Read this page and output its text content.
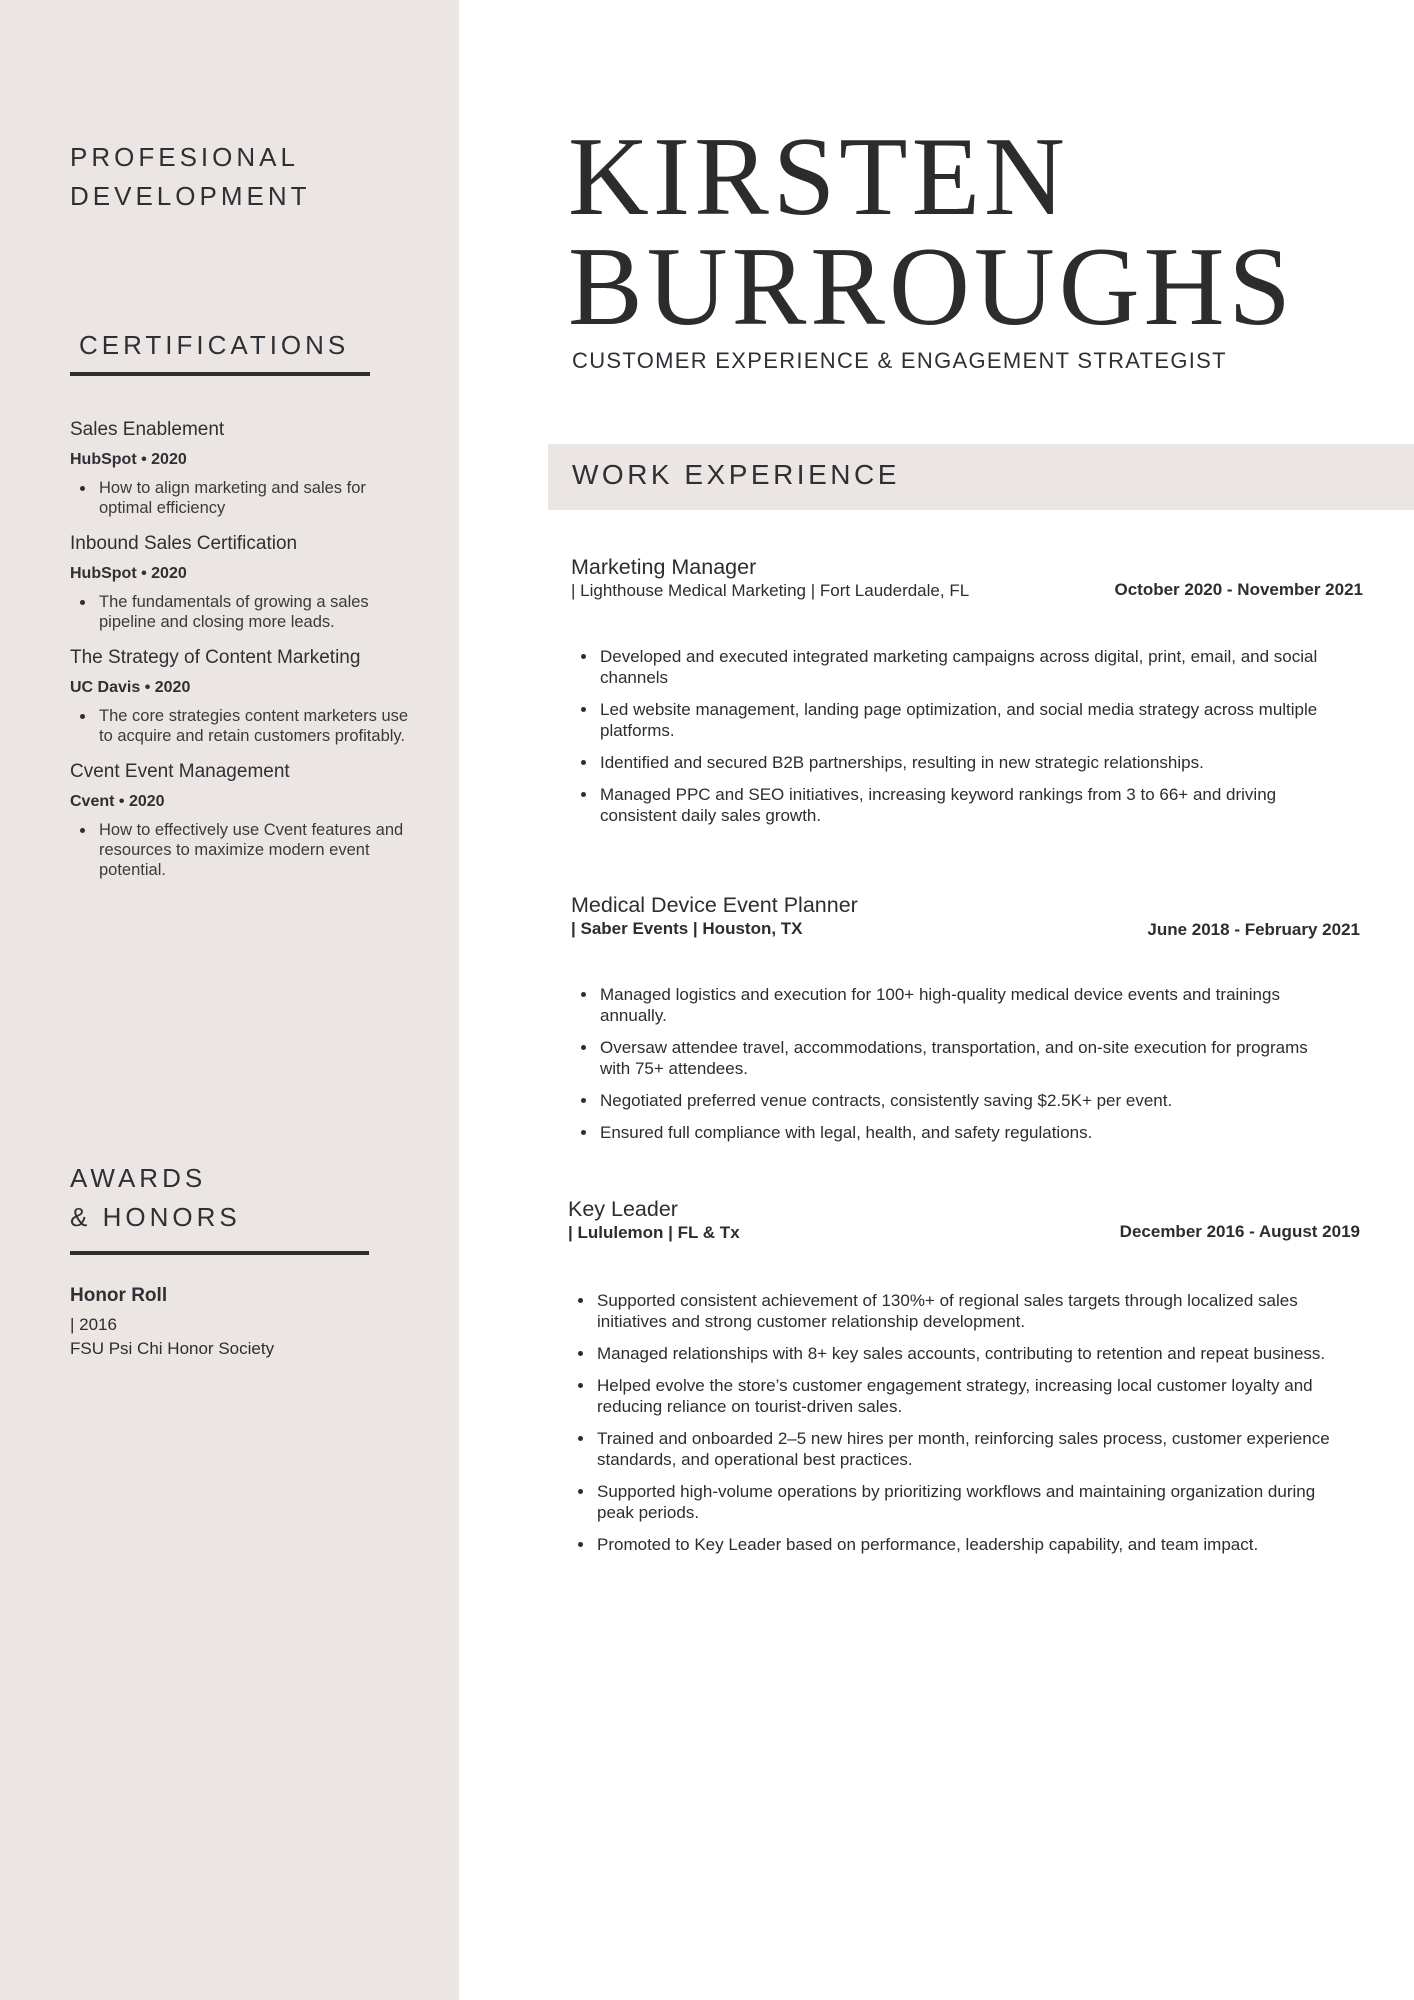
PROFESIONAL
DEVELOPMENT
CERTIFICATIONS
Sales Enablement
HubSpot • 2020
How to align marketing and sales for optimal efficiency
Inbound Sales Certification
HubSpot • 2020
The fundamentals of growing a sales pipeline and closing more leads.
The Strategy of Content Marketing
UC Davis • 2020
The core strategies content marketers use to acquire and retain customers profitably.
Cvent Event Management
Cvent • 2020
How to effectively use Cvent features and resources to maximize modern event potential.
AWARDS
& HONORS
Honor Roll
| 2016
FSU Psi Chi Honor Society
KIRSTEN
BURROUGHS
CUSTOMER EXPERIENCE & ENGAGEMENT STRATEGIST
WORK EXPERIENCE
Marketing Manager
| Lighthouse Medical Marketing | Fort Lauderdale, FL	October 2020 - November 2021
Developed and executed integrated marketing campaigns across digital, print, email, and social channels
Led website management, landing page optimization, and social media strategy across multiple platforms.
Identified and secured B2B partnerships, resulting in new strategic relationships.
Managed PPC and SEO initiatives, increasing keyword rankings from 3 to 66+ and driving consistent daily sales growth.
Medical Device Event Planner
| Saber Events | Houston, TX	June 2018 - February 2021
Managed logistics and execution for 100+ high-quality medical device events and trainings annually.
Oversaw attendee travel, accommodations, transportation, and on-site execution for programs with 75+ attendees.
Negotiated preferred venue contracts, consistently saving $2.5K+ per event.
Ensured full compliance with legal, health, and safety regulations.
Key Leader
| Lululemon | FL & Tx	December 2016 - August 2019
Supported consistent achievement of 130%+ of regional sales targets through localized sales initiatives and strong customer relationship development.
Managed relationships with 8+ key sales accounts, contributing to retention and repeat business.
Helped evolve the store’s customer engagement strategy, increasing local customer loyalty and reducing reliance on tourist-driven sales.
Trained and onboarded 2–5 new hires per month, reinforcing sales process, customer experience standards, and operational best practices.
Supported high-volume operations by prioritizing workflows and maintaining organization during peak periods.
Promoted to Key Leader based on performance, leadership capability, and team impact.
